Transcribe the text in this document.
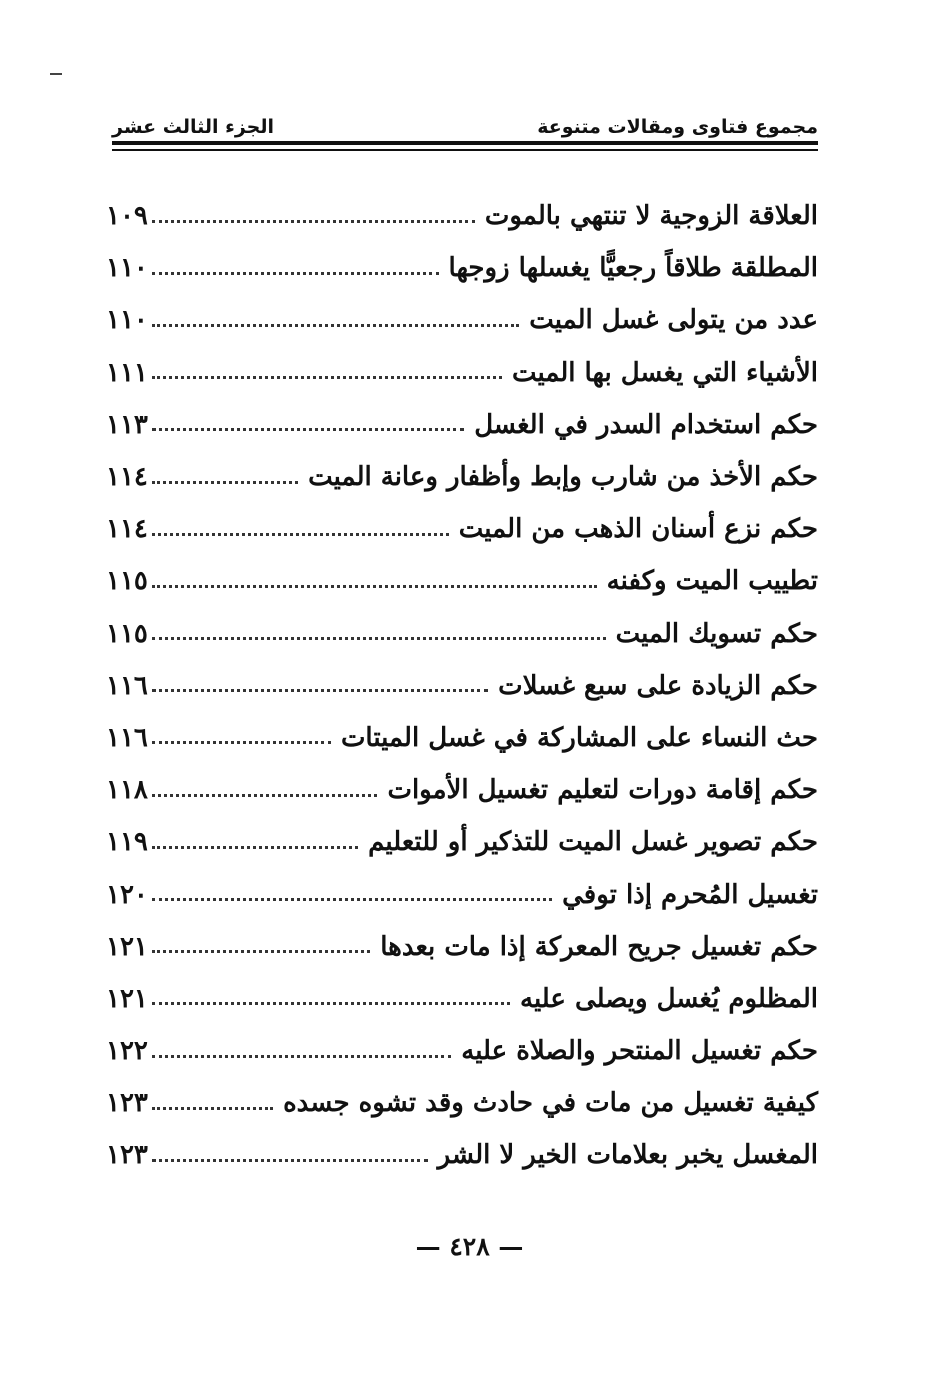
مجموع فتاوى ومقالات متنوعة
الجزء الثالث عشر
العلاقة الزوجية لا تنتهي بالموت
١٠٩
المطلقة طلاقاً رجعيًّا يغسلها زوجها
١١٠
عدد من يتولى غسل الميت
١١٠
الأشياء التي يغسل بها الميت
١١١
حكم استخدام السدر في الغسل
١١٣
حكم الأخذ من شارب وإبط وأظفار وعانة الميت
١١٤
حكم نزع أسنان الذهب من الميت
١١٤
تطييب الميت وكفنه
١١٥
حكم تسويك الميت
١١٥
حكم الزيادة على سبع غسلات
١١٦
حث النساء على المشاركة في غسل الميتات
١١٦
حكم إقامة دورات لتعليم تغسيل الأموات
١١٨
حكم تصوير غسل الميت للتذكير أو للتعليم
١١٩
تغسيل المُحرم إذا توفي
١٢٠
حكم تغسيل جريح المعركة إذا مات بعدها
١٢١
المظلوم يُغسل ويصلى عليه
١٢١
حكم تغسيل المنتحر والصلاة عليه
١٢٢
كيفية تغسيل من مات في حادث وقد تشوه جسده
١٢٣
المغسل يخبر بعلامات الخير لا الشر
١٢٣
— ٤٢٨ —
